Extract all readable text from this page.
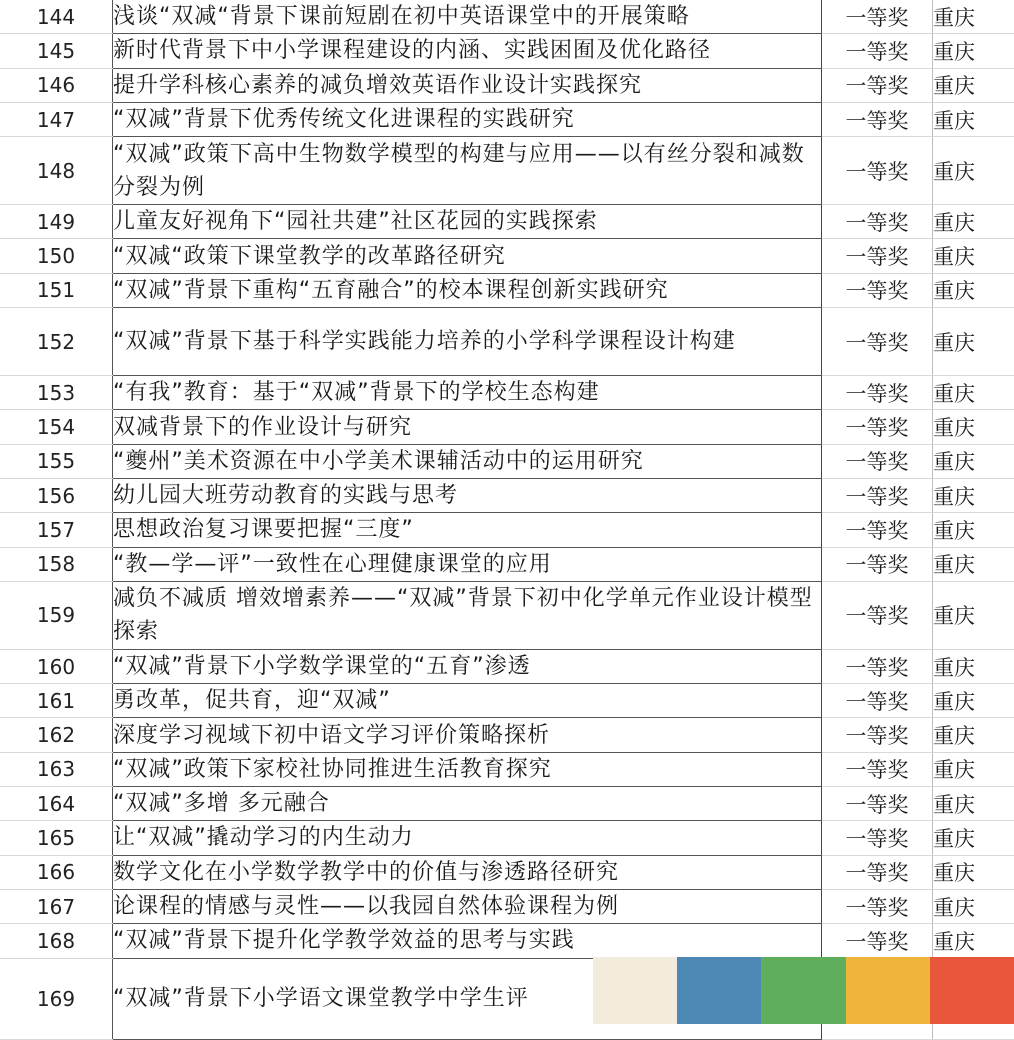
144	浅谈“双减“背景下课前短剧在初中英语课堂中的开展策略	一等奖	重庆
145	新时代背景下中小学课程建设的内涵、实践困囿及优化路径	一等奖	重庆
146	提升学科核心素养的减负增效英语作业设计实践探究	一等奖	重庆
147	“双减”背景下优秀传统文化进课程的实践研究	一等奖	重庆
148	“双减”政策下高中生物数学模型的构建与应用——以有丝分裂和减数分裂为例	一等奖	重庆
149	儿童友好视角下“园社共建”社区花园的实践探索	一等奖	重庆
150	“双减“政策下课堂教学的改革路径研究	一等奖	重庆
151	“双减”背景下重构“五育融合”的校本课程创新实践研究	一等奖	重庆
152	“双减”背景下基于科学实践能力培养的小学科学课程设计构建	一等奖	重庆
153	“有我”教育：基于“双减”背景下的学校生态构建	一等奖	重庆
154	双减背景下的作业设计与研究	一等奖	重庆
155	“夔州”美术资源在中小学美术课辅活动中的运用研究	一等奖	重庆
156	幼儿园大班劳动教育的实践与思考	一等奖	重庆
157	思想政治复习课要把握“三度”	一等奖	重庆
158	“教—学—评”一致性在心理健康课堂的应用	一等奖	重庆
159	减负不减质 增效增素养——“双减”背景下初中化学单元作业设计模型探索	一等奖	重庆
160	“双减”背景下小学数学课堂的“五育”渗透	一等奖	重庆
161	勇改革，促共育，迎“双减”	一等奖	重庆
162	深度学习视域下初中语文学习评价策略探析	一等奖	重庆
163	“双减”政策下家校社协同推进生活教育探究	一等奖	重庆
164	“双减”多增 多元融合	一等奖	重庆
165	让“双减”撬动学习的内生动力	一等奖	重庆
166	数学文化在小学数学教学中的价值与渗透路径研究	一等奖	重庆
167	论课程的情感与灵性——以我园自然体验课程为例	一等奖	重庆
168	“双减”背景下提升化学教学效益的思考与实践	一等奖	重庆
169	“双减”背景下小学语文课堂教学中学生评		
